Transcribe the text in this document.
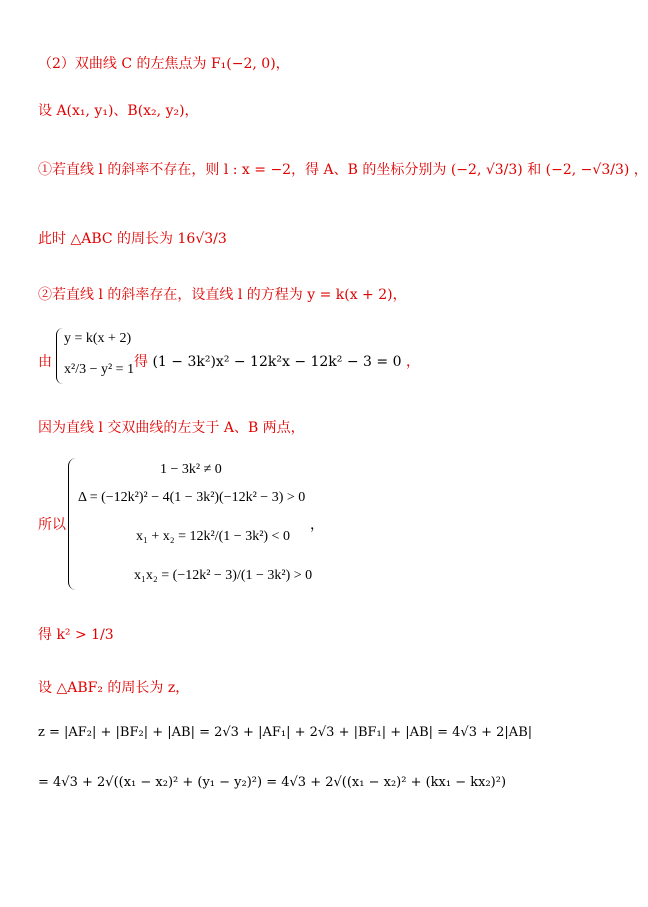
（2）双曲线 C 的左焦点为 F₁(−2, 0)，
设 A(x₁, y₁)、B(x₂, y₂)，
①若直线 l 的斜率不存在，则 l : x = −2，得 A、B 的坐标分别为 (−2, √3/3) 和 (−2, −√3/3) ，
此时 △ABC 的周长为 16√3/3
②若直线 l 的斜率存在，设直线 l 的方程为 y = k(x + 2)，
由
y = k(x + 2)
x²/3 − y² = 1 得 (1 − 3k²)x² − 12k²x − 12k² − 3 = 0 ，
因为直线 l 交双曲线的左支于 A、B 两点，
所以
1 − 3k² ≠ 0
Δ = (−12k²)² − 4(1 − 3k²)(−12k² − 3) > 0
x₁ + x₂ = 12k²/(1 − 3k²) < 0
x₁x₂ = (−12k² − 3)/(1 − 3k²) > 0
，
得 k² > 1/3
设 △ABF₂ 的周长为 z，
z = |AF₂| + |BF₂| + |AB| = 2√3 + |AF₁| + 2√3 + |BF₁| + |AB| = 4√3 + 2|AB|
= 4√3 + 2√((x₁ − x₂)² + (y₁ − y₂)²) = 4√3 + 2√((x₁ − x₂)² + (kx₁ − kx₂)²)
